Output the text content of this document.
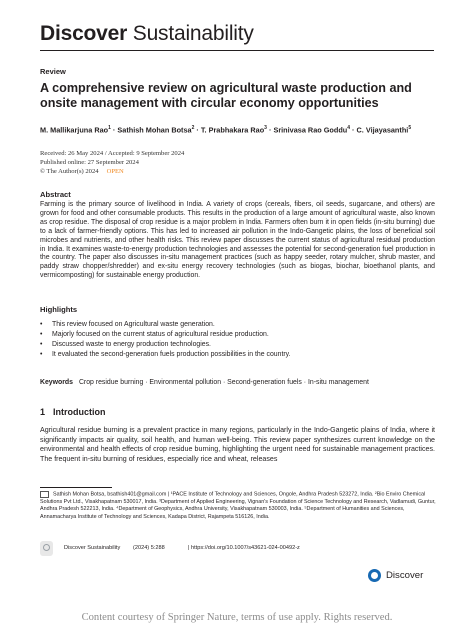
Discover Sustainability
Review
A comprehensive review on agricultural waste production and onsite management with circular economy opportunities
M. Mallikarjuna Rao$^1$ · Sathish Mohan Botsa$^2$ · T. Prabhakara Rao$^3$ · Srinivasa Rao Goddu$^4$ · C. Vijayasanthi$^5$
Received: 26 May 2024 / Accepted: 9 September 2024
Published online: 27 September 2024
© The Author(s) 2024 OPEN
Abstract
Farming is the primary source of livelihood in India. A variety of crops (cereals, fibers, oil seeds, sugarcane, and others) are grown for food and other consumable products. This results in the production of a large amount of agricultural waste, also known as crop residue. The disposal of crop residue is a major problem in India. Farmers often burn it in open fields (in-situ burning) due to a lack of farmer-friendly options. This has led to increased air pollution in the Indo-Gangetic plains, the loss of beneficial soil microbes and nutrients, and other health risks. This review paper discusses the current status of agricultural residual production in India. It examines waste-to-energy production technologies and assesses the potential for second-generation fuel production in the country. The paper also discusses in-situ management practices (such as happy seeder, rotary mulcher, shrub master, and paddy straw chopper/shredder) and ex-situ energy recovery technologies (such as biogas, biochar, bioethanol plants, and vermicomposting) for sustainable energy production.
Highlights
• This review focused on Agricultural waste generation.
• Majorly focused on the current status of agricultural residue production.
• Discussed waste to energy production technologies.
• It evaluated the second-generation fuels production possibilities in the country.
Keywords Crop residue burning · Environmental pollution · Second-generation fuels · In-situ management
1 Introduction
Agricultural residue burning is a prevalent practice in many regions, particularly in the Indo-Gangetic plains of India, where it significantly impacts air quality, soil health, and human well-being. This review paper synthesizes current knowledge on the environmental and health effects of crop residue burning, highlighting the urgent need for sustainable management practices. The frequent in-situ burning of residues, especially rice and wheat, releases
Sathish Mohan Botsa, bsathish401@gmail.com | ¹PACE Institute of Technology and Sciences, Ongole, Andhra Pradesh 523272, India. ²Bio Enviro Chemical Solutions Pvt Ltd., Visakhapatnam 530017, India. ³Department of Applied Engineering, Vignan's Foundation of Science Technology and Research, Vadlamudi, Guntur, Andhra Pradesh 522213, India. ⁴Department of Geophysics, Andhra University, Visakhapatnam 530003, India. ⁵Department of Humanities and Sciences, Annamacharya Institute of Technology and Sciences, Kadapa District, Rajampeta 516126, India.
Discover Sustainability (2024) 5:288	| https://doi.org/10.1007/s43621-024-00492-z
Discover
Content courtesy of Springer Nature, terms of use apply. Rights reserved.
